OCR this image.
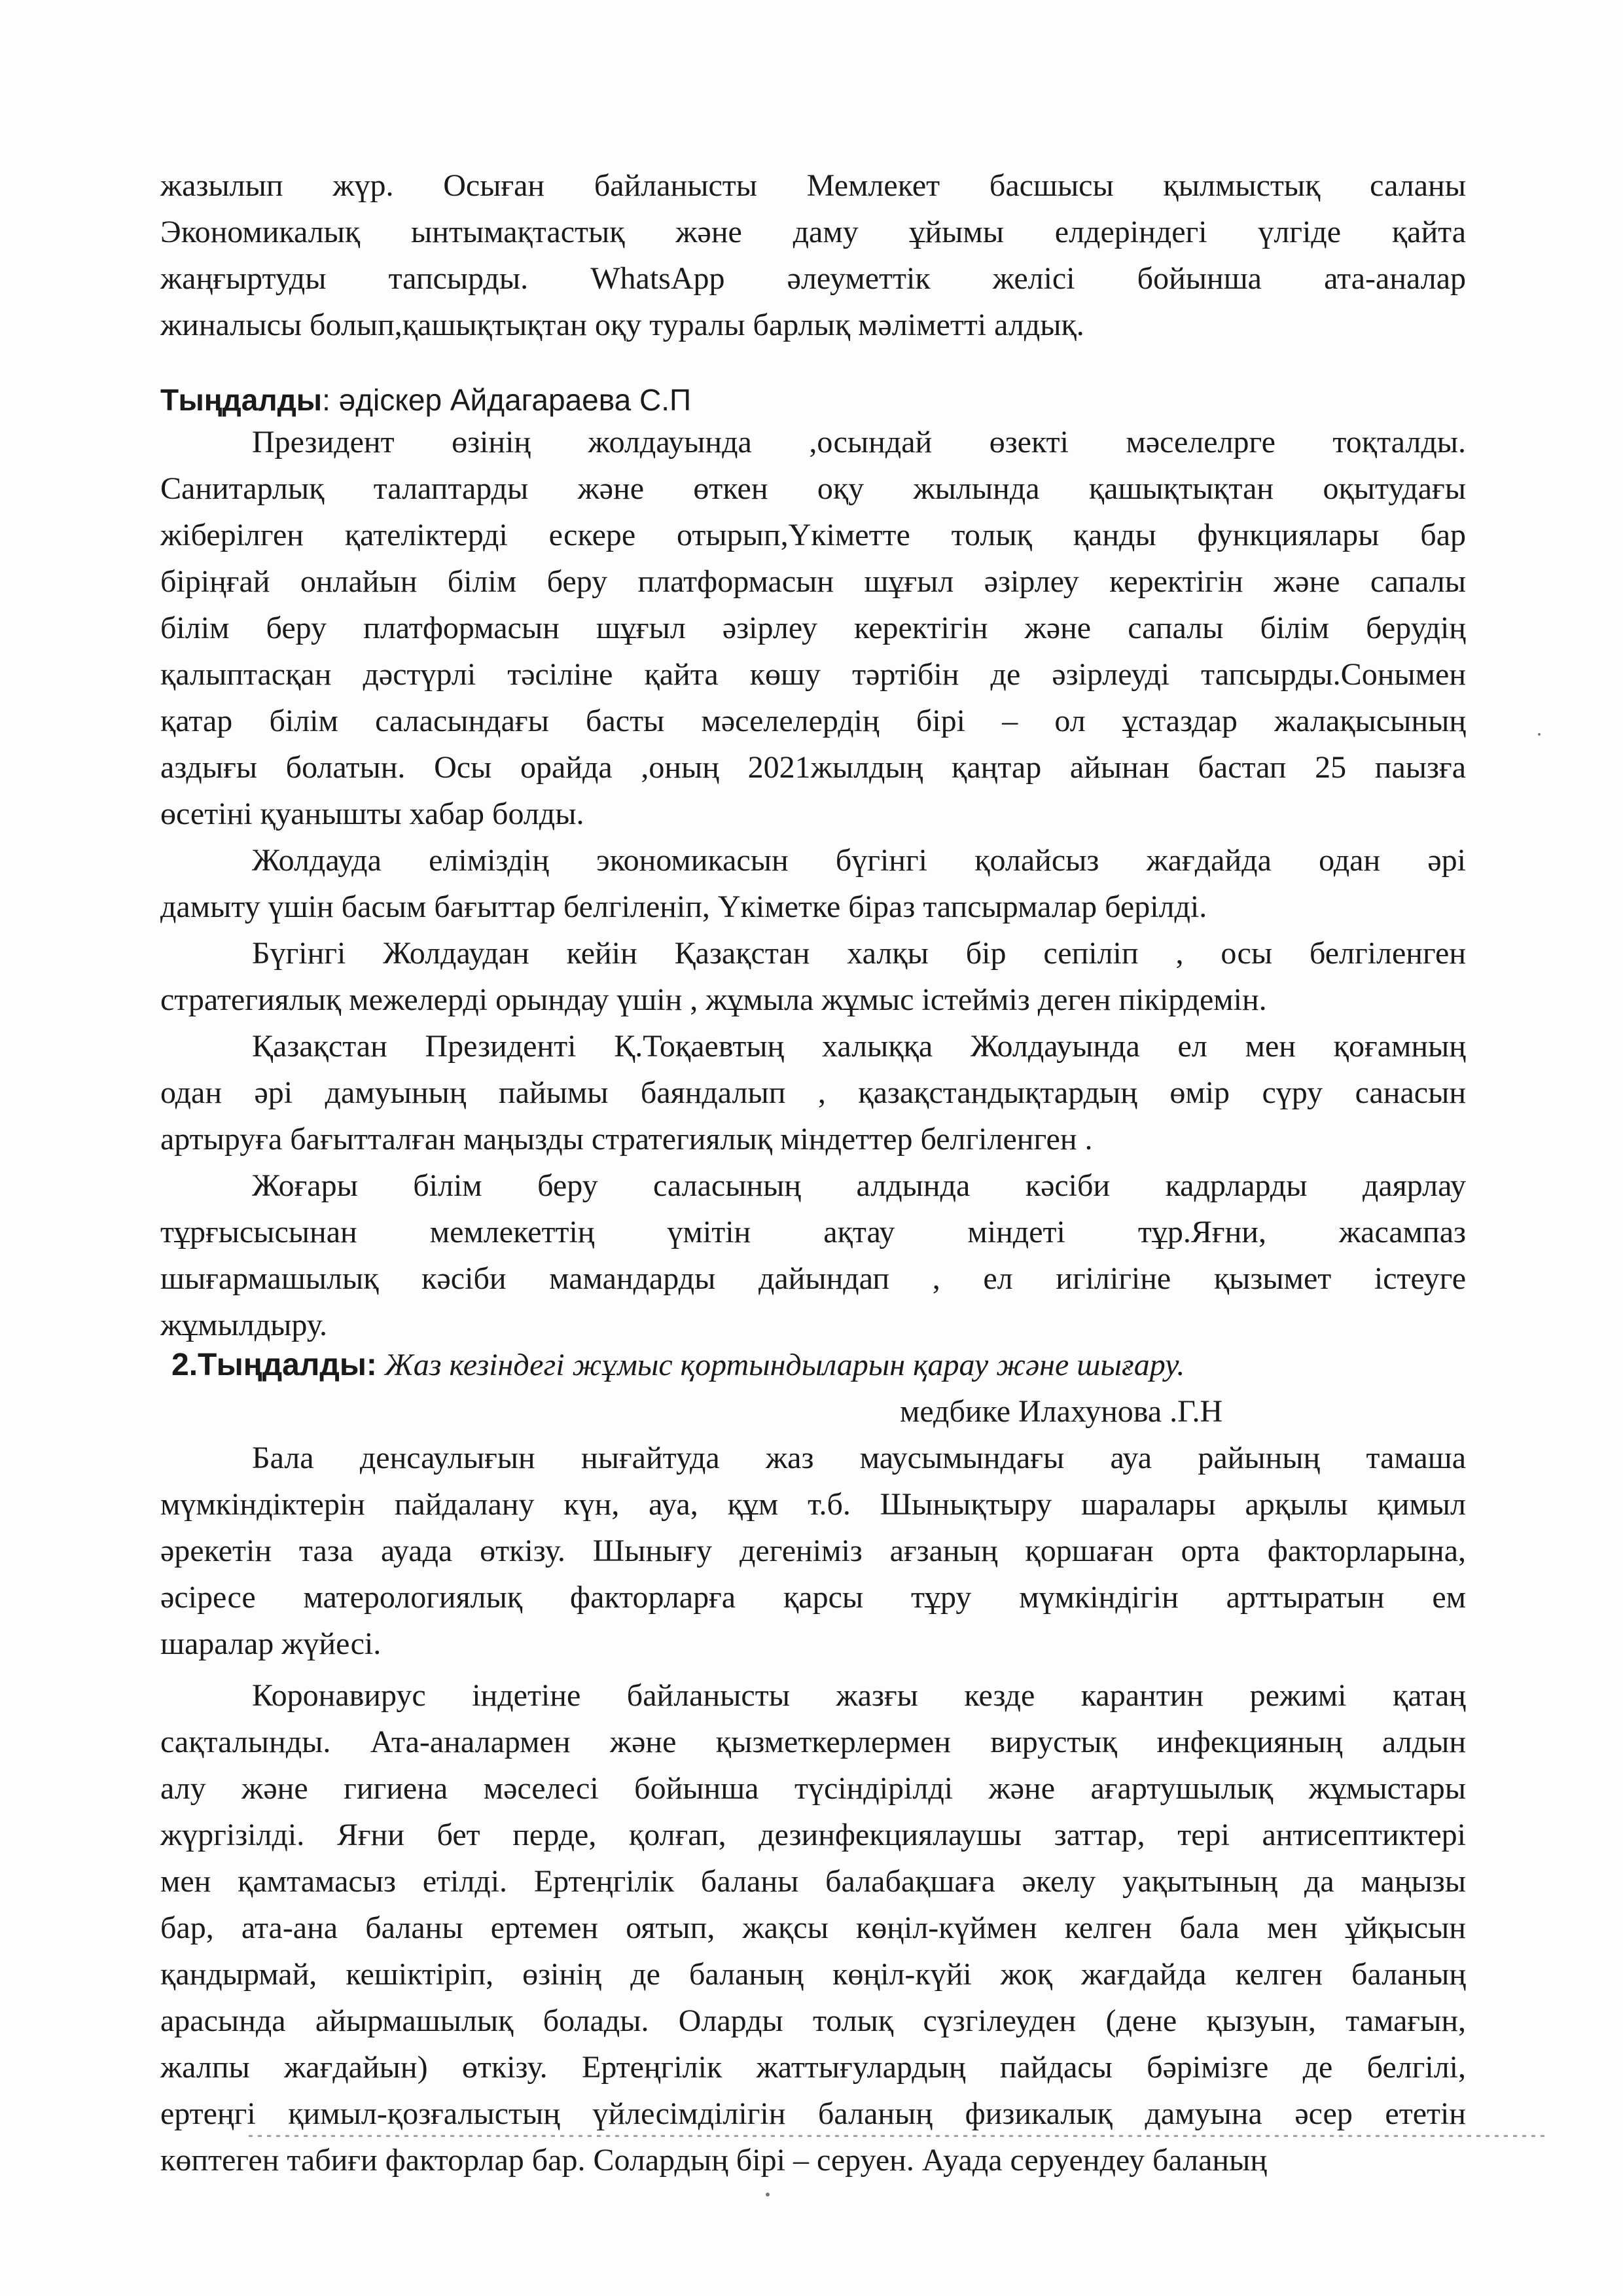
жазылып жүр. Осыған байланысты Мемлекет басшысы қылмыстық саланы
Экономикалық ынтымақтастық және даму ұйымы елдеріндегі үлгіде қайта
жаңғыртуды тапсырды. WhatsApp әлеуметтік желісі бойынша ата-аналар
жиналысы болып,қашықтықтан оқу туралы барлық мәліметті алдық.
Тыңдалды: әдіскер Айдагараева С.П
Президент өзінің жолдауында ,осындай өзекті мәселелрге тоқталды.
Санитарлық талаптарды және өткен оқу жылында қашықтықтан оқытудағы
жіберілген қателіктерді ескере отырып,Үкіметте толық қанды функциялары бар
біріңғай онлайын білім беру платформасын шұғыл әзірлеу керектігін және сапалы
білім беру платформасын шұғыл әзірлеу керектігін және сапалы білім берудің
қалыптасқан дәстүрлі тәсіліне қайта көшу тәртібін де әзірлеуді тапсырды.Сонымен
қатар білім саласындағы басты мәселелердің бірі – ол ұстаздар жалақысының
аздығы болатын. Осы орайда ,оның 2021жылдың қаңтар айынан бастап 25 паызға
өсетіні қуанышты хабар болды.
Жолдауда еліміздің экономикасын бүгінгі қолайсыз жағдайда одан әрі
дамыту үшін басым бағыттар белгіленіп, Үкіметке біраз тапсырмалар берілді.
Бүгінгі Жолдаудан кейін Қазақстан халқы бір сепіліп , осы белгіленген
стратегиялық межелерді орындау үшін , жұмыла жұмыс істейміз деген пікірдемін.
Қазақстан Президенті Қ.Тоқаевтың халыққа Жолдауында ел мен қоғамның
одан әрі дамуының пайымы баяндалып , қазақстандықтардың өмір сүру санасын
артыруға бағытталған маңызды стратегиялық міндеттер белгіленген .
Жоғары білім беру саласының алдында кәсіби кадрларды даярлау
тұрғысысынан мемлекеттің үмітін ақтау міндеті тұр.Яғни, жасампаз
шығармашылық кәсіби мамандарды дайындап , ел игілігіне қызымет істеуге
жұмылдыру.
2.Тыңдалды: Жаз кезіндегі жұмыс қортындыларын қарау және шығару.
медбике Илахунова .Г.Н
Бала денсаулығын нығайтуда жаз маусымындағы ауа райының тамаша
мүмкіндіктерін пайдалану күн, ауа, құм т.б. Шынықтыру шаралары арқылы қимыл
әрекетін таза ауада өткізу. Шынығу дегеніміз ағзаның қоршаған орта факторларына,
әсіресе матерологиялық факторларға қарсы тұру мүмкіндігін арттыратын ем
шаралар жүйесі.
Коронавирус індетіне байланысты жазғы кезде карантин режимі қатаң
сақталынды. Ата-аналармен және қызметкерлермен вирустық инфекцияның алдын
алу және гигиена мәселесі бойынша түсіндірілді және ағартушылық жұмыстары
жүргізілді. Яғни бет перде, қолғап, дезинфекциялаушы заттар, тері антисептиктері
мен қамтамасыз етілді. Ертеңгілік баланы балабақшаға әкелу уақытының да маңызы
бар, ата-ана баланы ертемен оятып, жақсы көңіл-күймен келген бала мен ұйқысын
қандырмай, кешіктіріп, өзінің де баланың көңіл-күйі жоқ жағдайда келген баланың
арасында айырмашылық болады. Оларды толық сүзгілеуден (дене қызуын, тамағын,
жалпы жағдайын) өткізу. Ертеңгілік жаттығулардың пайдасы бәрімізге де белгілі,
ертеңгі қимыл-қозғалыстың үйлесімділігін баланың физикалық дамуына әсер ететін
көптеген табиғи факторлар бар. Солардың бірі – серуен. Ауада серуендеу баланың
